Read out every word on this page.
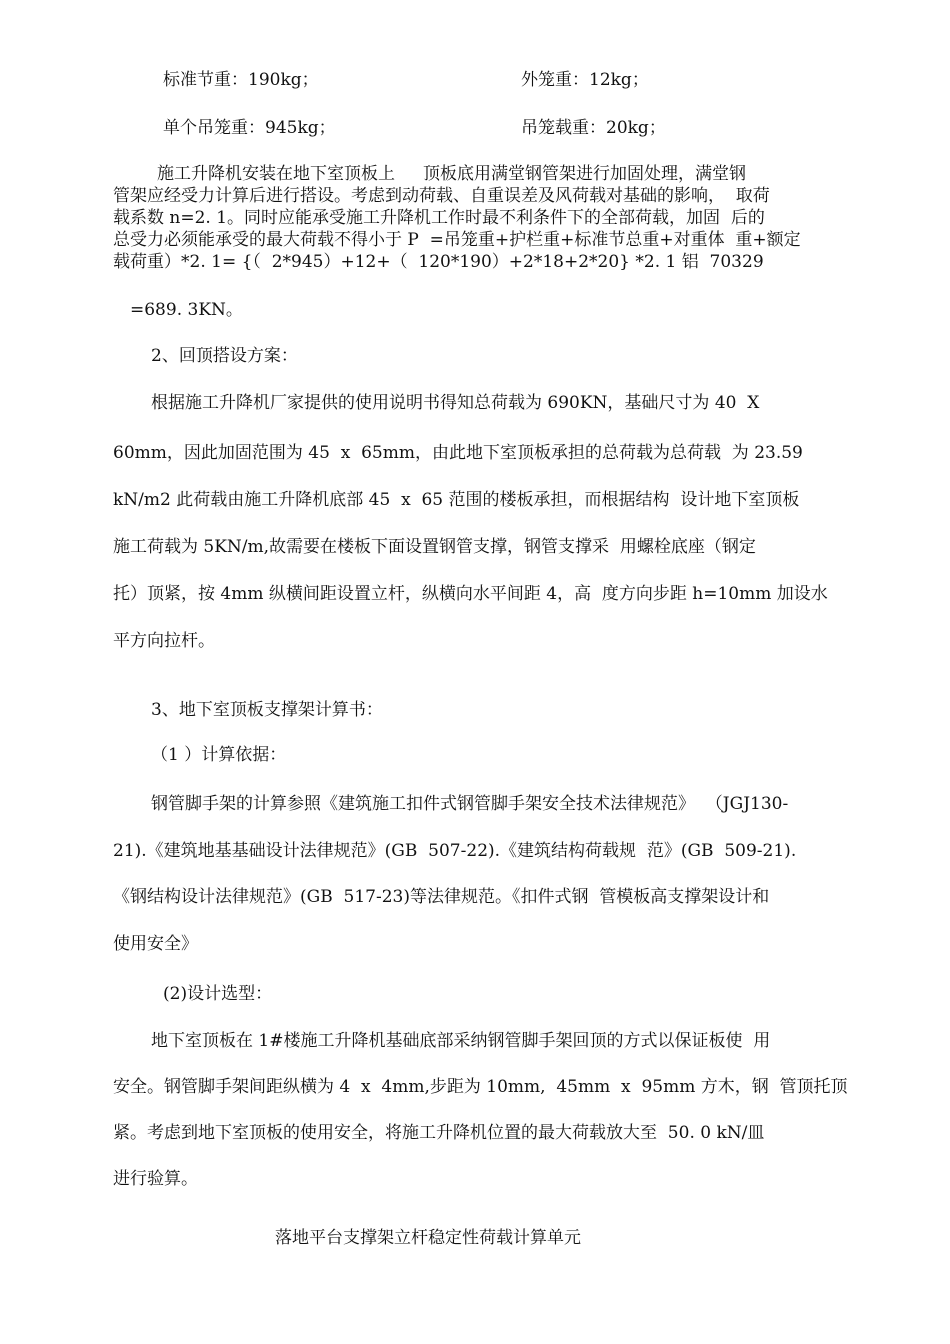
标准节重：190kg；	外笼重：12kg；
单个吊笼重：945kg；	吊笼载重：20kg；
施工升降机安装在地下室顶板上 顶板底用满堂钢管架进行加固处理，满堂钢
管架应经受力计算后进行搭设。考虑到动荷载、自重误差及风荷载对基础的影响，  取荷
载系数 n=2. 1。同时应能承受施工升降机工作时最不利条件下的全部荷载，加固  后的
总受力必须能承受的最大荷载不得小于 P  =吊笼重+护栏重+标准节总重+对重体  重+额定
载荷重）*2. 1= {（  2*945）+12+（  120*190）+2*18+2*20} *2. 1 铝  70329
=689. 3KN。
2、回顶搭设方案：
根据施工升降机厂家提供的使用说明书得知总荷载为 690KN，基础尺寸为 40  X
60mm，因此加固范围为 45  x  65mm，由此地下室顶板承担的总荷载为总荷载  为 23.59
kN/m2 此荷载由施工升降机底部 45  x  65 范围的楼板承担，而根据结构  设计地下室顶板
施工荷载为 5KN/m,故需要在楼板下面设置钢管支撑，钢管支撑采  用螺栓底座（钢定
托）顶紧，按 4mm 纵横间距设置立杆，纵横向水平间距 4，高  度方向步距 h=10mm 加设水
平方向拉杆。
3、地下室顶板支撑架计算书：
（1 ）计算依据：
钢管脚手架的计算参照《建筑施工扣件式钢管脚手架安全技术法律规范》  （JGJ130-
21).《建筑地基基础设计法律规范》(GB  507-22).《建筑结构荷载规  范》(GB  509-21).
《钢结构设计法律规范》(GB  517-23)等法律规范。《扣件式钢  管模板高支撑架设计和
使用安全》
(2)设计选型：
地下室顶板在 1#楼施工升降机基础底部采纳钢管脚手架回顶的方式以保证板使  用
安全。钢管脚手架间距纵横为 4  x  4mm,步距为 10mm,  45mm  x  95mm 方木，钢  管顶托顶
紧。考虑到地下室顶板的使用安全，将施工升降机位置的最大荷载放大至  50. 0 kN/皿
进行验算。
落地平台支撑架立杆稳定性荷载计算单元
